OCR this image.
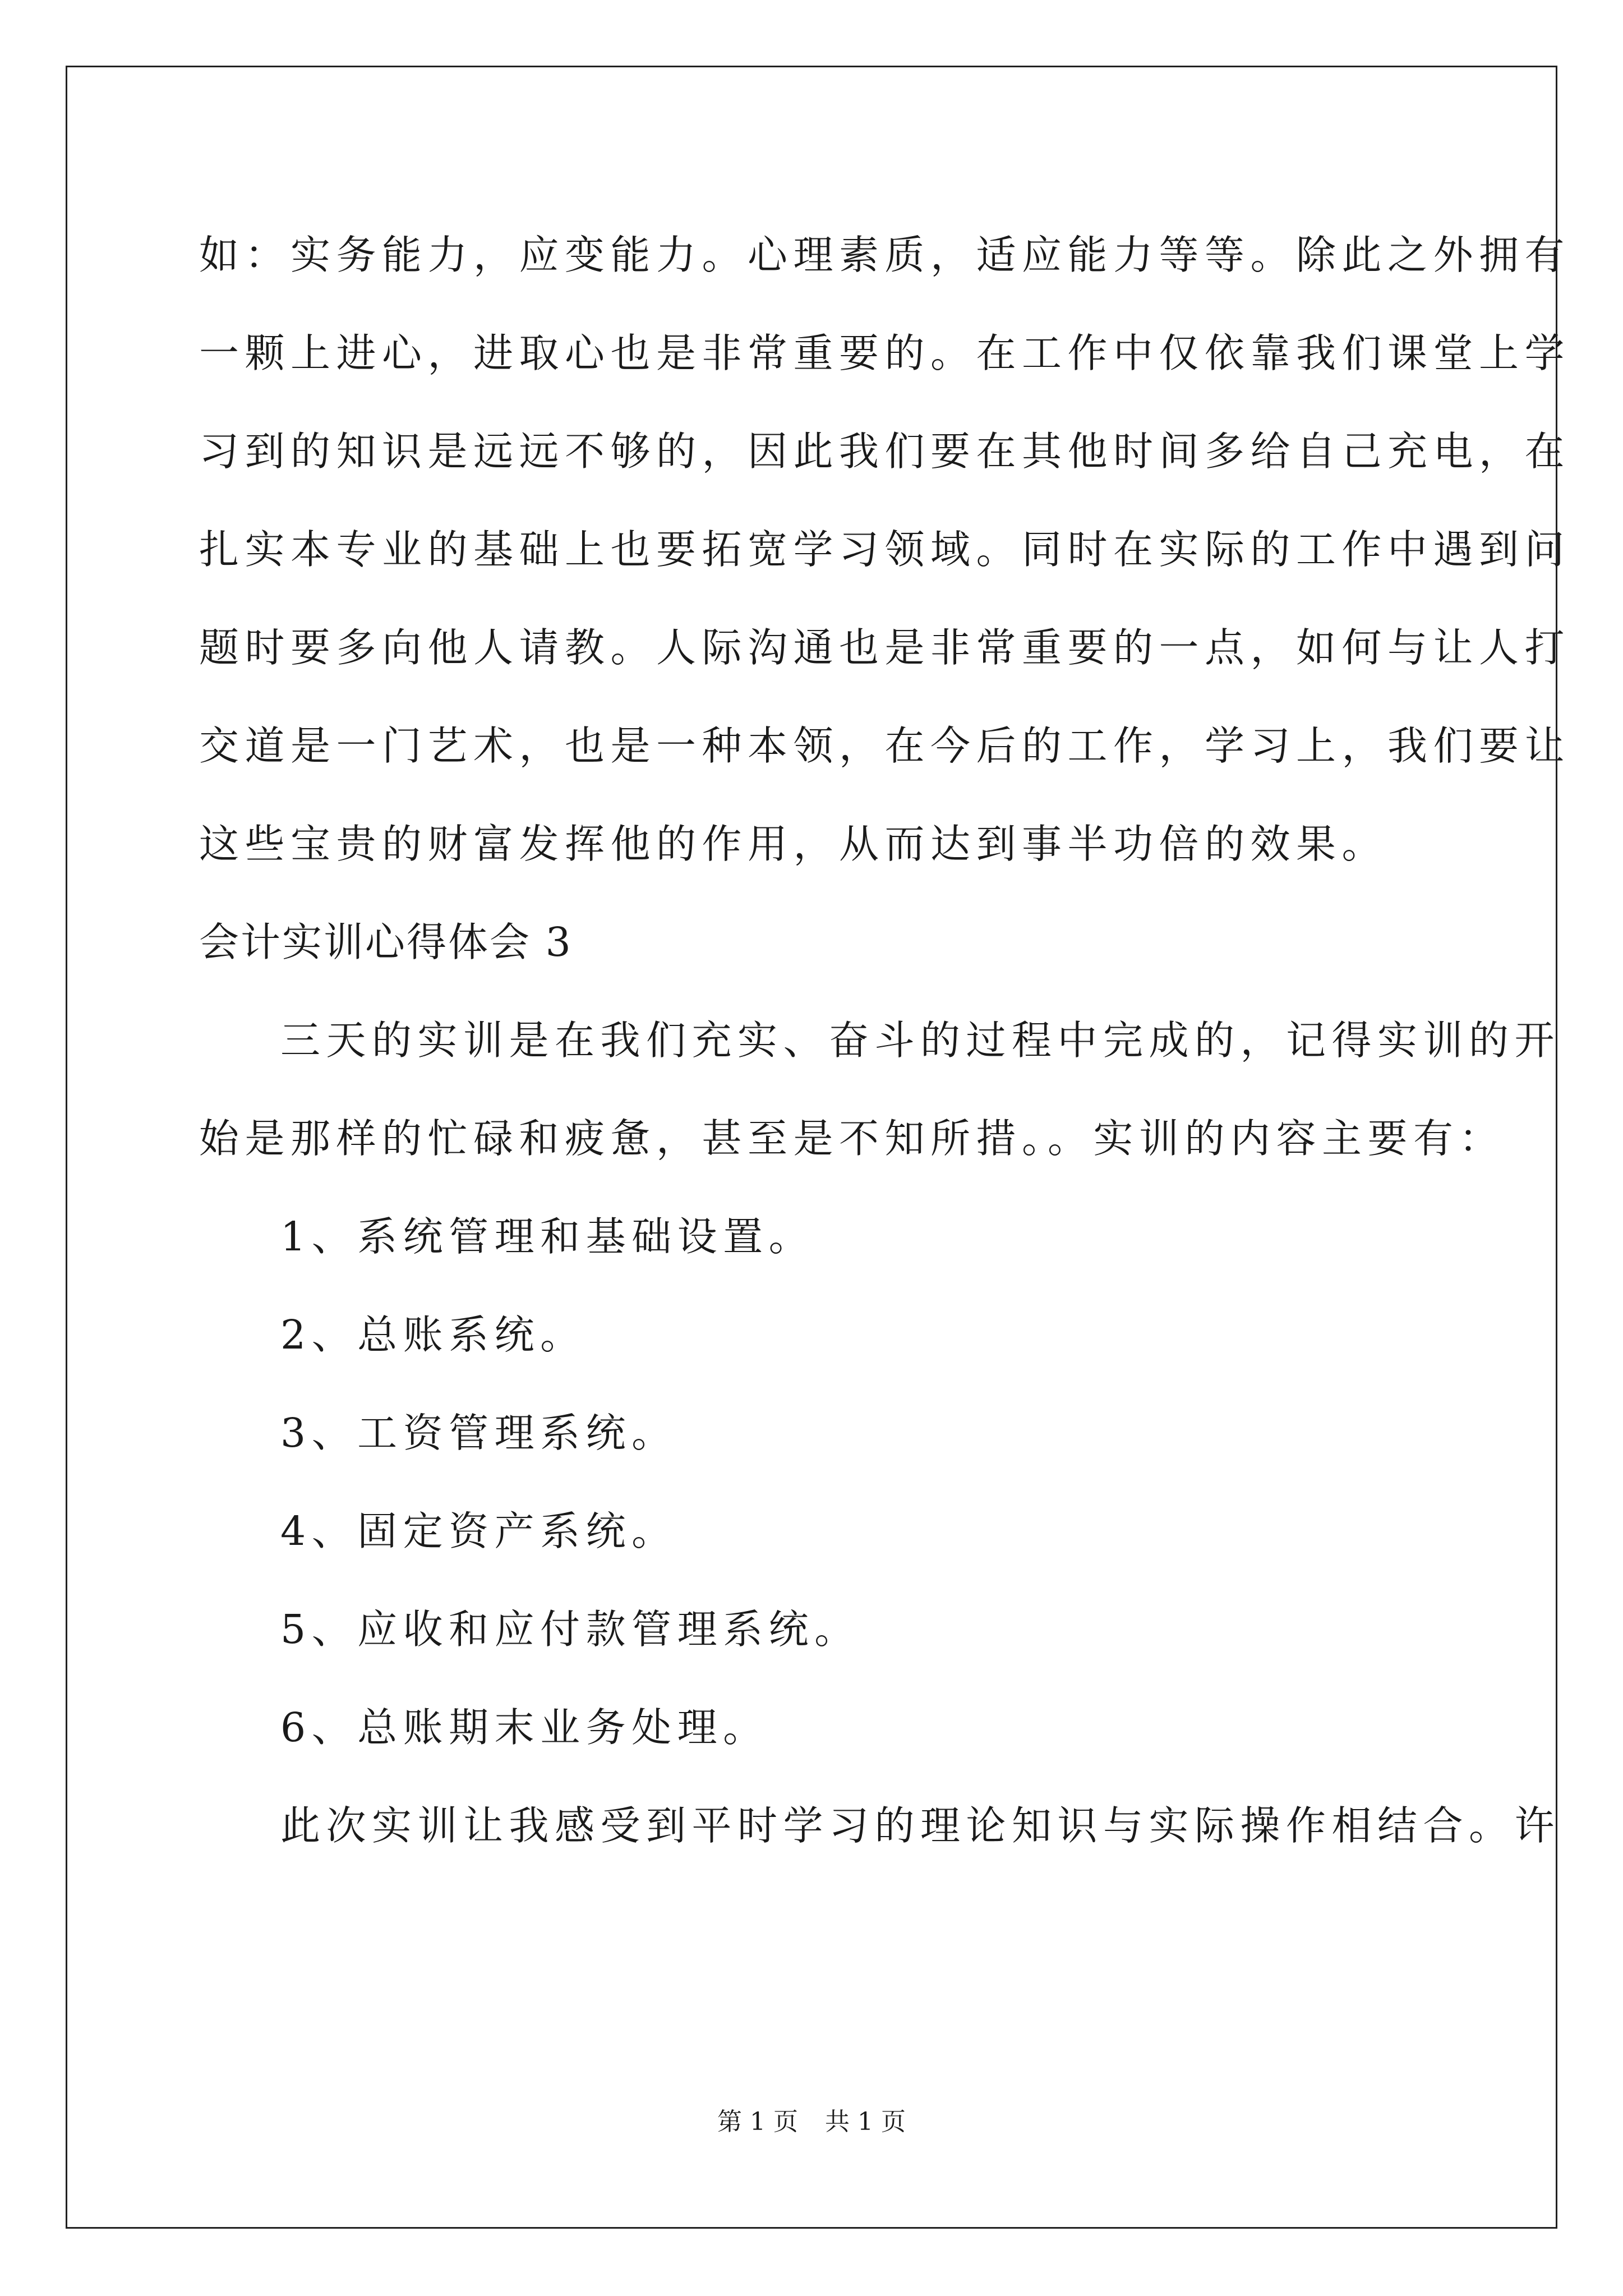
如：实务能力，应变能力。心理素质，适应能力等等。除此之外拥有
一颗上进心，进取心也是非常重要的。在工作中仅依靠我们课堂上学
习到的知识是远远不够的，因此我们要在其他时间多给自己充电，在
扎实本专业的基础上也要拓宽学习领域。同时在实际的工作中遇到问
题时要多向他人请教。人际沟通也是非常重要的一点，如何与让人打
交道是一门艺术，也是一种本领，在今后的工作，学习上，我们要让
这些宝贵的财富发挥他的作用，从而达到事半功倍的效果。
会计实训心得体会 3
三天的实训是在我们充实、奋斗的过程中完成的，记得实训的开
始是那样的忙碌和疲惫，甚至是不知所措。。实训的内容主要有：
1、系统管理和基础设置。
2、总账系统。
3、工资管理系统。
4、固定资产系统。
5、应收和应付款管理系统。
6、总账期末业务处理。
此次实训让我感受到平时学习的理论知识与实际操作相结合。许
第 1 页 共 1 页
